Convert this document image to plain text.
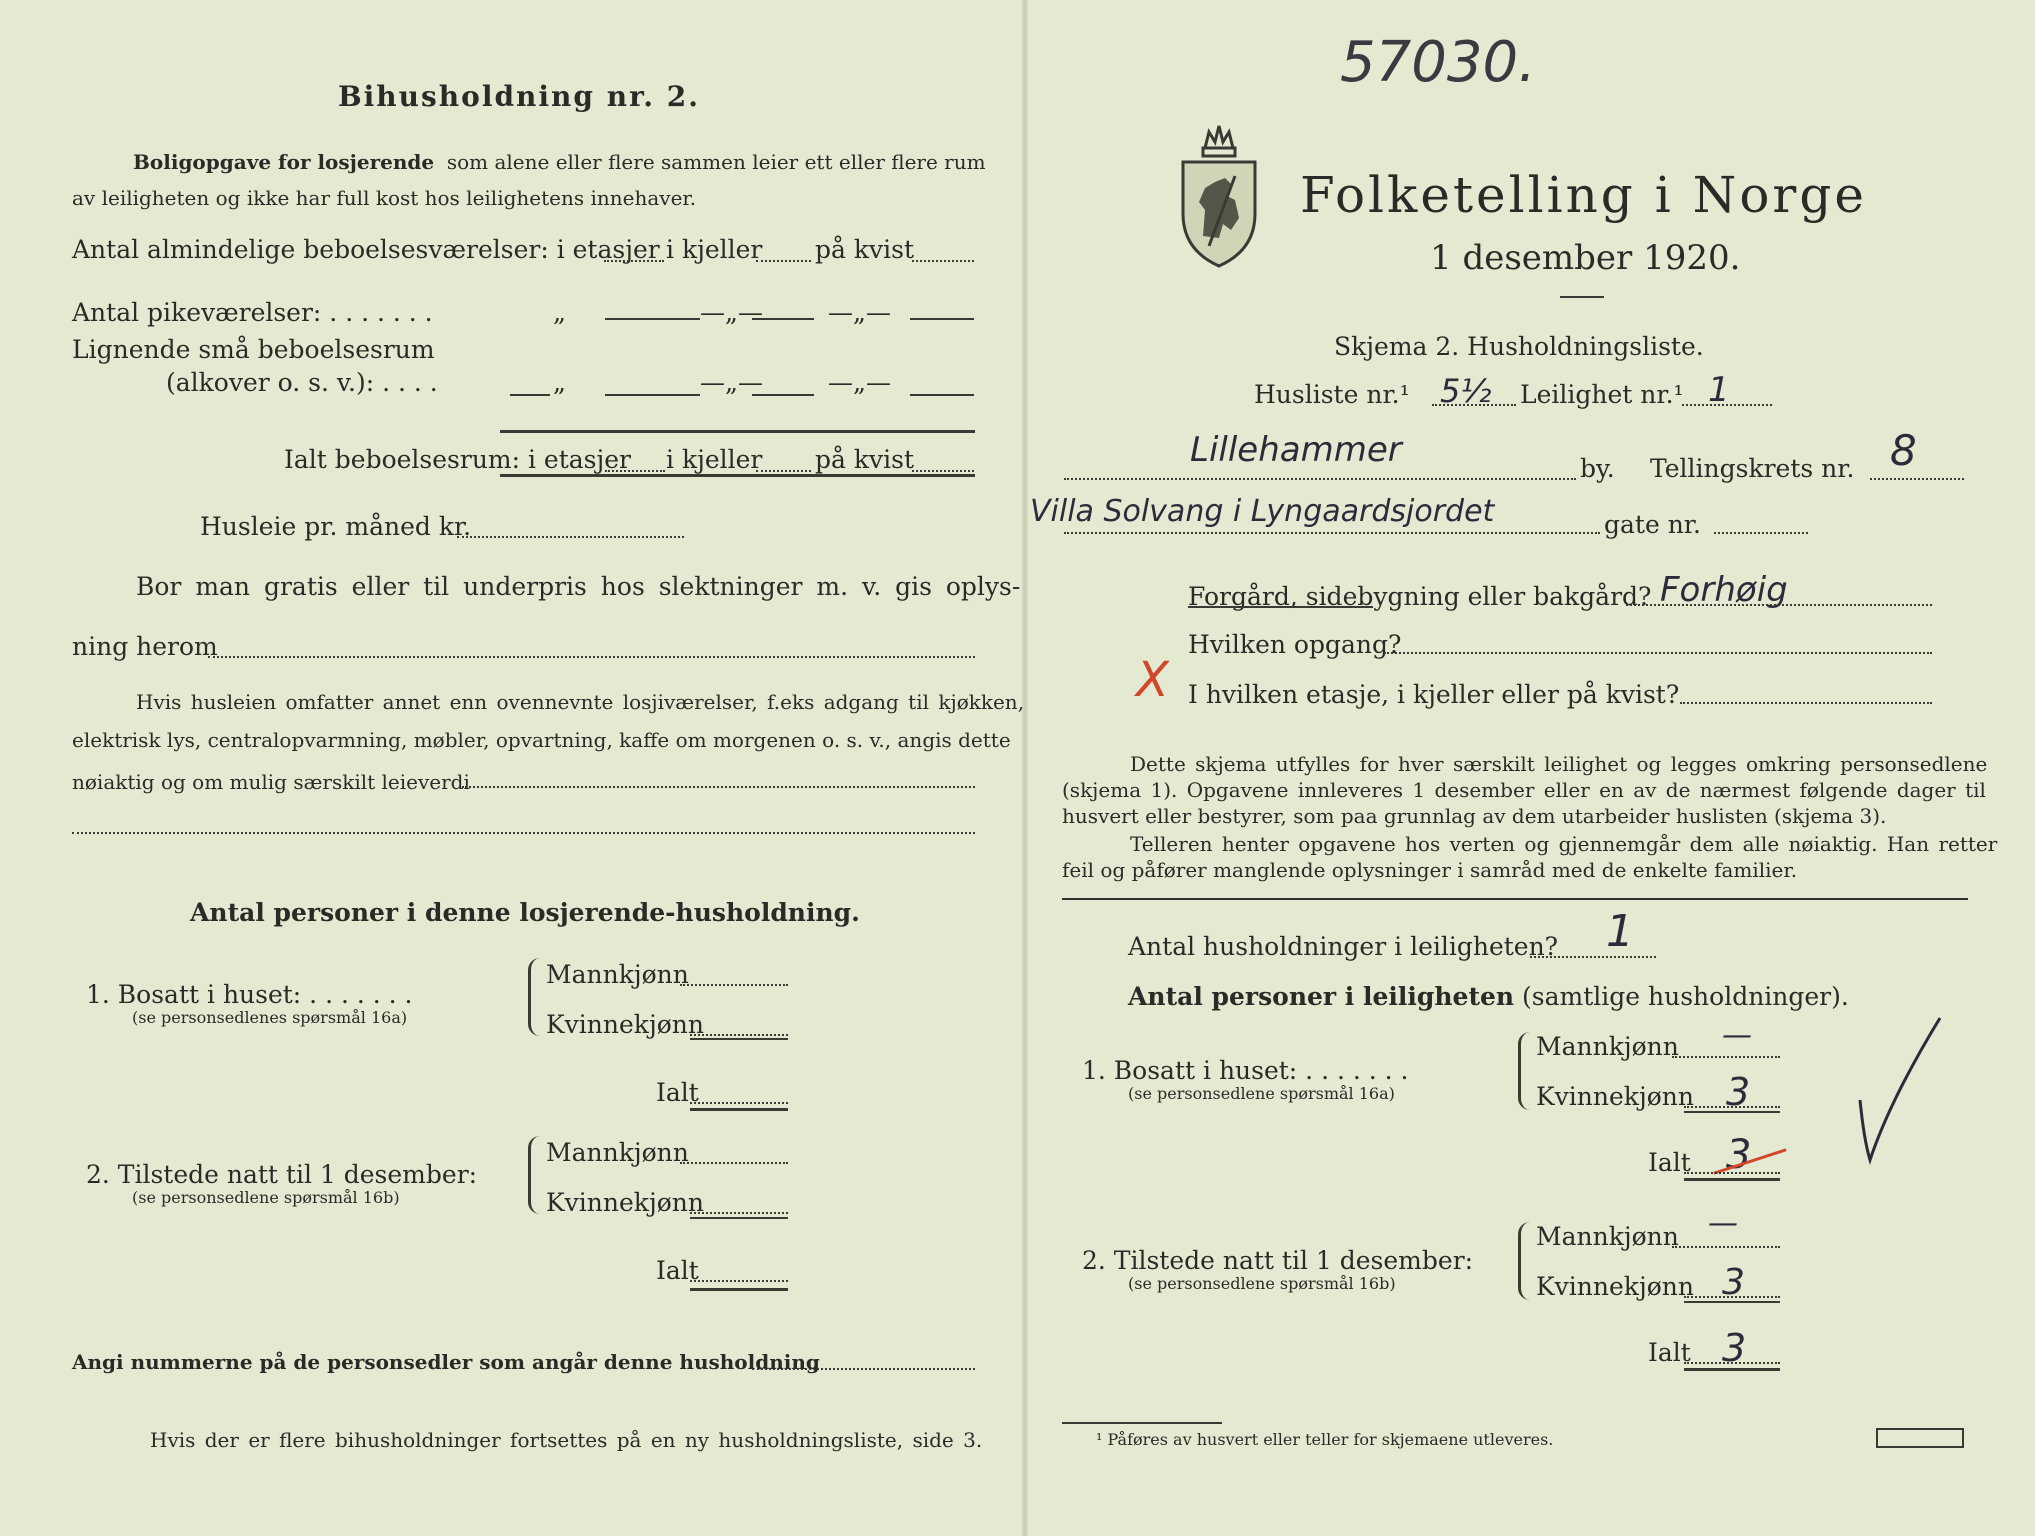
Bihusholdning nr. 2.
Boligopgave for losjerende som alene eller flere sammen leier ett eller flere rum
av leiligheten og ikke har full kost hos leilighetens innehaver.
Antal almindelige beboelsesværelser: i etasjer i kjeller på kvist
Antal pikeværelser: . . . . . . .	„	—„—	—„—
Lignende små beboelsesrum
(alkover o. s. v.): . . . .	„	—„—	—„—
Ialt beboelsesrum: i etasjer i kjeller på kvist
Husleie pr. måned kr.
Bor man gratis eller til underpris hos slektninger m. v. gis oplys-
ning herom
Hvis husleien omfatter annet enn ovennevnte losjiværelser, f.eks adgang til kjøkken,
elektrisk lys, centralopvarmning, møbler, opvartning, kaffe om morgenen o. s. v., angis dette
nøiaktig og om mulig særskilt leieverdi
Antal personer i denne losjerende-husholdning.
1. Bosatt i huset: . . . . . . .
(se personsedlenes spørsmål 16a)
Mannkjønn
Kvinnekjønn
Ialt
2. Tilstede natt til 1 desember:
(se personsedlene spørsmål 16b)
Mannkjønn
Kvinnekjønn
Ialt
Angi nummerne på de personsedler som angår denne husholdning
Hvis der er flere bihusholdninger fortsettes på en ny husholdningsliste, side 3.
57030.
Folketelling i Norge
1 desember 1920.
Skjema 2. Husholdningsliste.
Husliste nr.¹ 5½ Leilighet nr.¹ 1
Lillehammer	by. Tellingskrets nr. 8
Villa Solvang i Lyngaardsjordet	gate nr.
Forgård, sidebygning eller bakgård? Forhøig
Hvilken opgang?
X I hvilken etasje, i kjeller eller på kvist?
Dette skjema utfylles for hver særskilt leilighet og legges omkring personsedlene
(skjema 1). Opgavene innleveres 1 desember eller en av de nærmest følgende dager til
husvert eller bestyrer, som paa grunnlag av dem utarbeider huslisten (skjema 3).
Telleren henter opgavene hos verten og gjennemgår dem alle nøiaktig. Han retter
feil og påfører manglende oplysninger i samråd med de enkelte familier.
Antal husholdninger i leiligheten? 1
Antal personer i leiligheten (samtlige husholdninger).
1. Bosatt i huset: . . . . . . .
(se personsedlene spørsmål 16a)
Mannkjønn —
Kvinnekjønn 3
Ialt 3
2. Tilstede natt til 1 desember:
(se personsedlene spørsmål 16b)
Mannkjønn —
Kvinnekjønn 3
Ialt 3
¹ Påføres av husvert eller teller for skjemaene utleveres.
